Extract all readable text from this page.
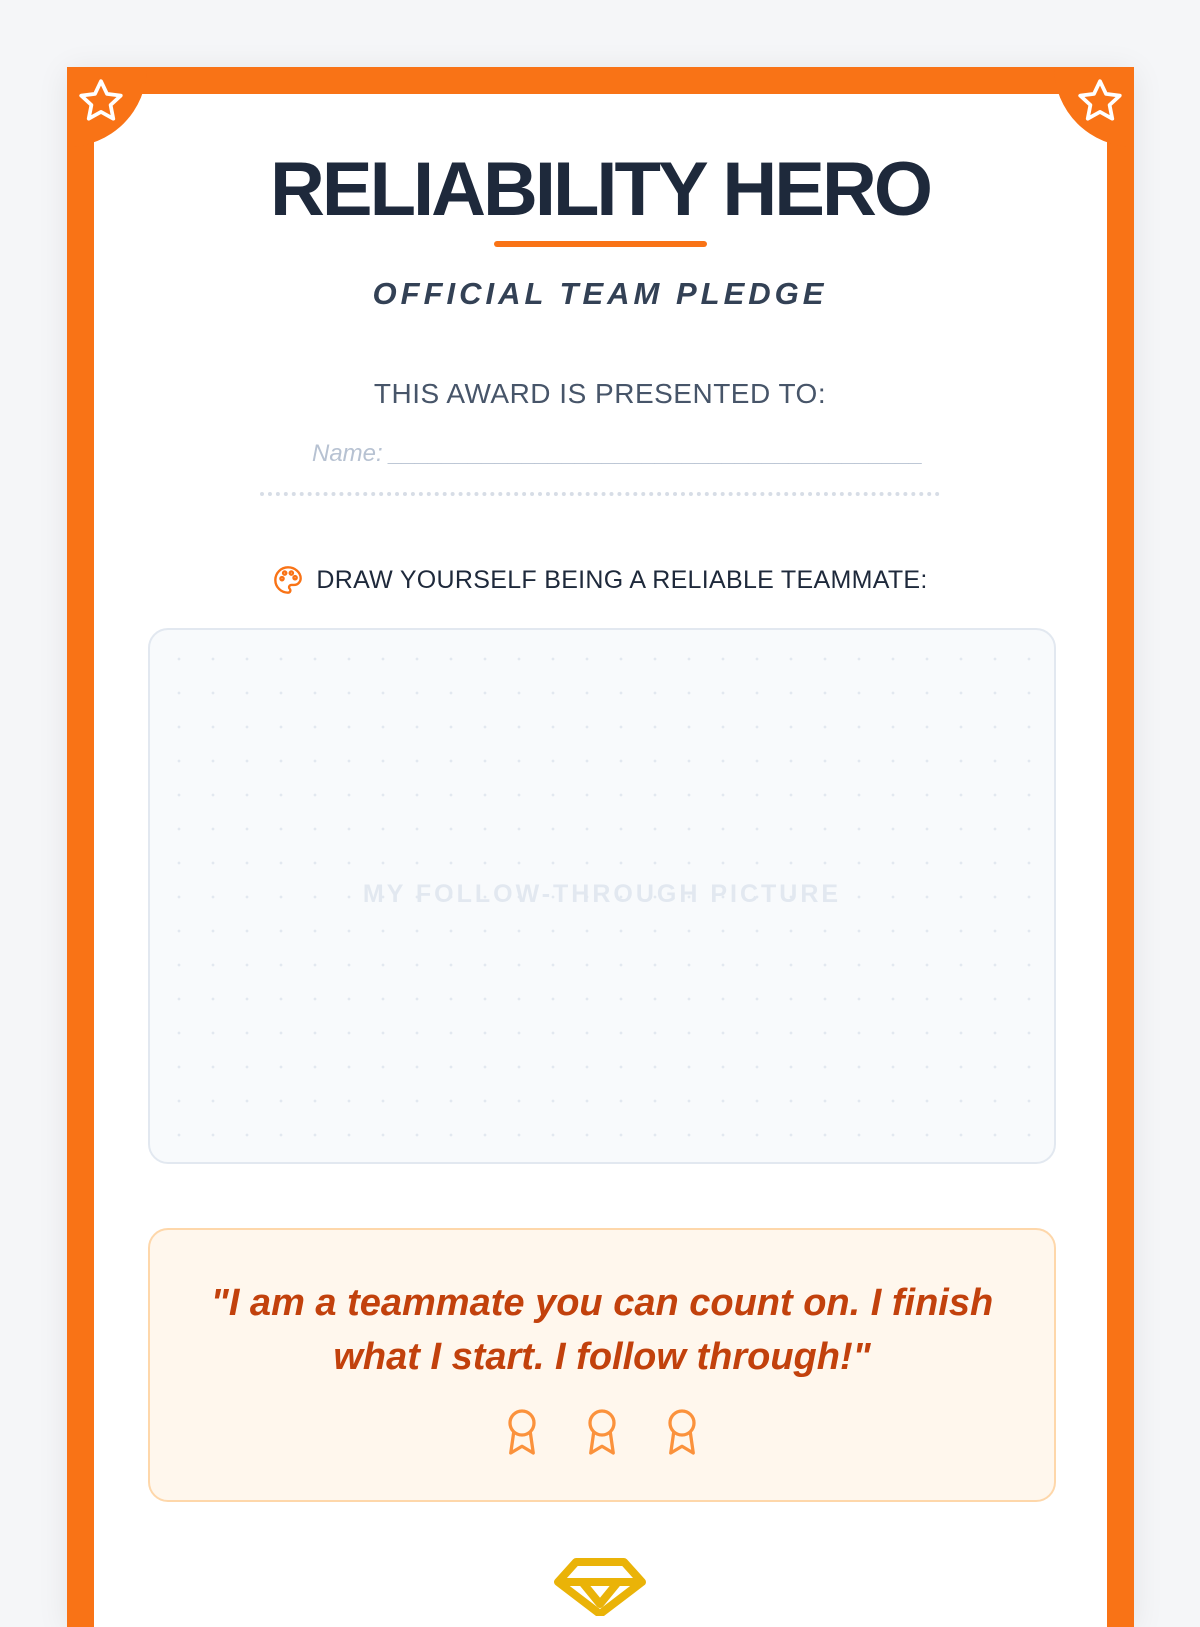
RELIABILITY HERO
OFFICIAL TEAM PLEDGE
THIS AWARD IS PRESENTED TO:
Name: ________________________________________
DRAW YOURSELF BEING A RELIABLE TEAMMATE:
MY FOLLOW-THROUGH PICTURE
"I am a teammate you can count on. I finish what I start. I follow through!"
